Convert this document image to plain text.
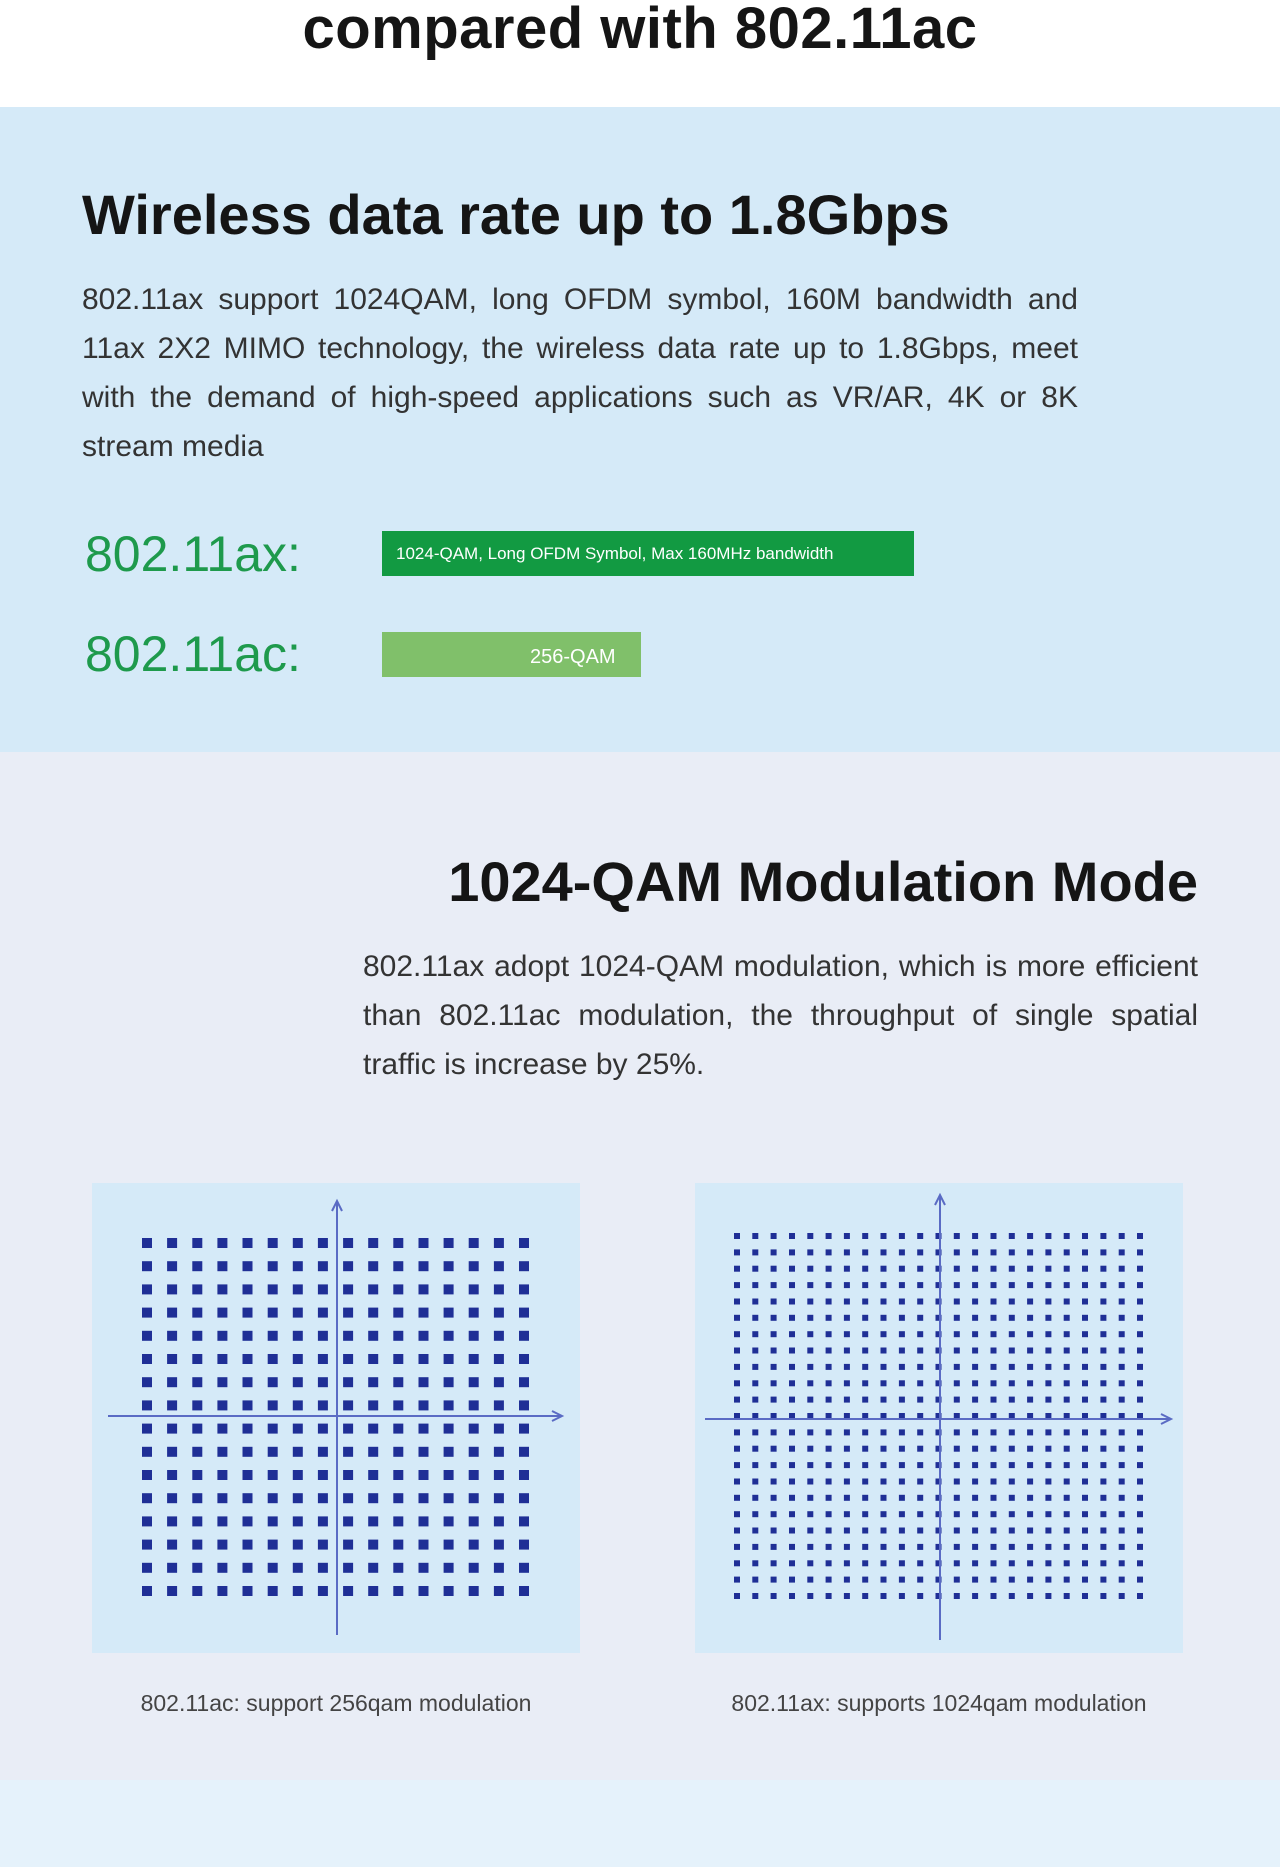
compared with 802.11ac
Wireless data rate up to 1.8Gbps

802.11ax support 1024QAM, long OFDM symbol, 160M bandwidth and 11ax 2X2 MIMO technology, the wireless data rate up to 1.8Gbps, meet with the demand of high-speed applications such as VR/AR, 4K or 8K stream media

802.11ax:	1024-QAM, Long OFDM Symbol, Max 160MHz bandwidth
802.11ac:	256-QAM
1024-QAM Modulation Mode

802.11ax adopt 1024-QAM modulation, which is more efficient than 802.11ac modulation, the throughput of single spatial traffic is increase by 25%.

802.11ac: support 256qam modulation	802.11ax: supports 1024qam modulation
